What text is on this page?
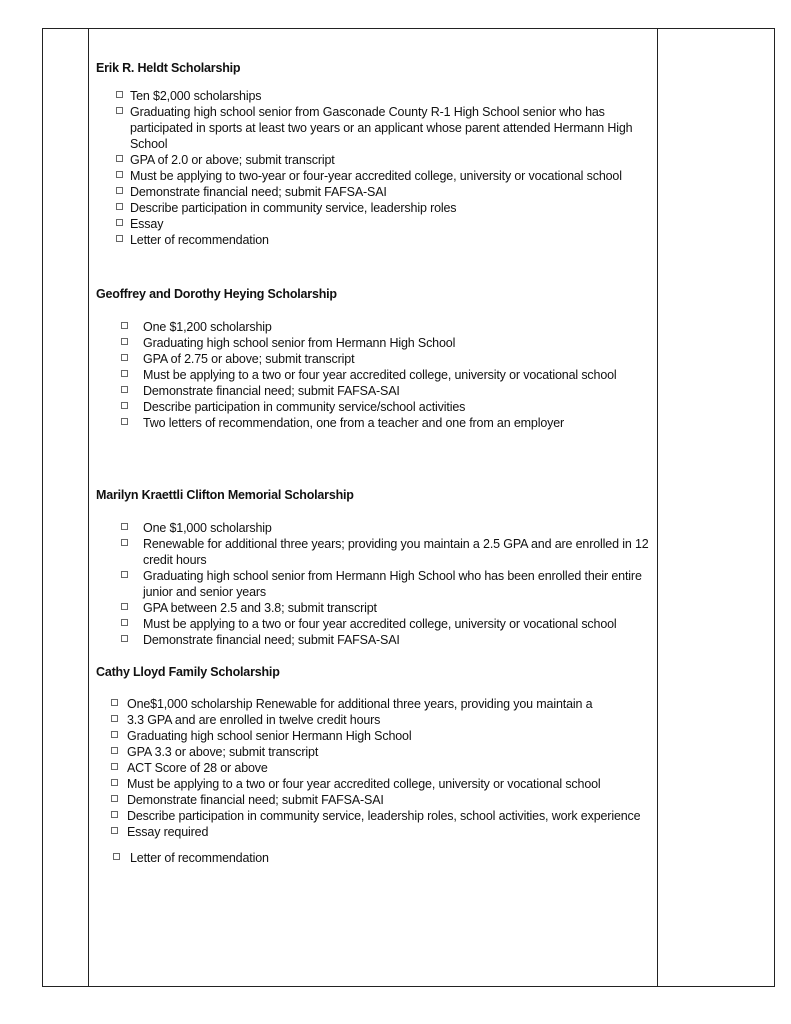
Erik R. Heldt Scholarship
Ten $2,000 scholarships
Graduating high school senior from Gasconade County R-1 High School senior who has participated in sports at least two years or an applicant whose parent attended Hermann High School
GPA of 2.0 or above; submit transcript
Must be applying to two-year or four-year accredited college, university or vocational school
Demonstrate financial need; submit FAFSA-SAI
Describe participation in community service, leadership roles
Essay
Letter of recommendation
Geoffrey and Dorothy Heying Scholarship
One $1,200 scholarship
Graduating high school senior from Hermann High School
GPA of 2.75 or above; submit transcript
Must be applying to a two or four year accredited college, university or vocational school
Demonstrate financial need; submit FAFSA-SAI
Describe participation in community service/school activities
Two letters of recommendation, one from a teacher and one from an employer
Marilyn Kraettli Clifton Memorial Scholarship
One $1,000 scholarship
Renewable for additional three years; providing you maintain a 2.5 GPA and are enrolled in 12 credit hours
Graduating high school senior from Hermann High School who has been enrolled their entire junior and senior years
GPA between 2.5 and 3.8; submit transcript
Must be applying to a two or four year accredited college, university or vocational school
Demonstrate financial need; submit FAFSA-SAI
Cathy Lloyd Family Scholarship
One$1,000 scholarship Renewable for additional three years, providing you maintain a
3.3 GPA and are enrolled in twelve credit hours
Graduating high school senior Hermann High School
GPA 3.3 or above; submit transcript
ACT Score of 28 or above
Must be applying to a two or four year accredited college, university or vocational school
Demonstrate financial need; submit FAFSA-SAI
Describe participation in community service, leadership roles, school activities, work experience
Essay required
Letter of recommendation
